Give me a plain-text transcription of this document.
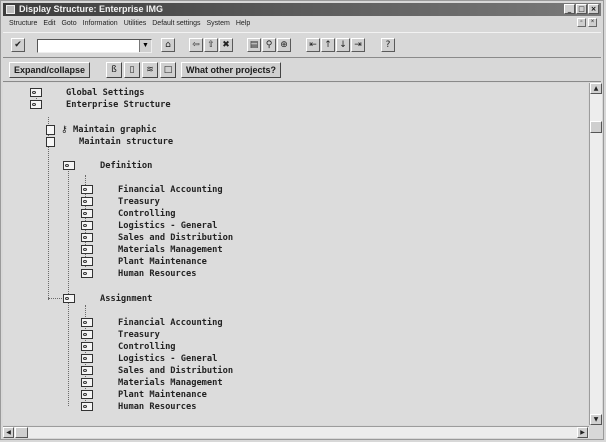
Display Structure: Enterprise IMG	_ □ ×
Structure Edit Goto Information Utilities Default settings System Help	▫	×
✔	▼	⌂	⇦ ⇧ ✖	▤ ⚲ ⊕	⇤ ↑ ↓ ⇥	?
Expand/collapse	ß	▯	≋	□	What other projects?
Global Settings
Enterprise Structure
⚷ Maintain graphic
Maintain structure
Definition
Financial Accounting
Treasury
Controlling
Logistics - General
Sales and Distribution
Materials Management
Plant Maintenance
Human Resources
Assignment
Financial Accounting
Treasury
Controlling
Logistics - General
Sales and Distribution
Materials Management
Plant Maintenance
Human Resources
▲
▼
◀	▶
